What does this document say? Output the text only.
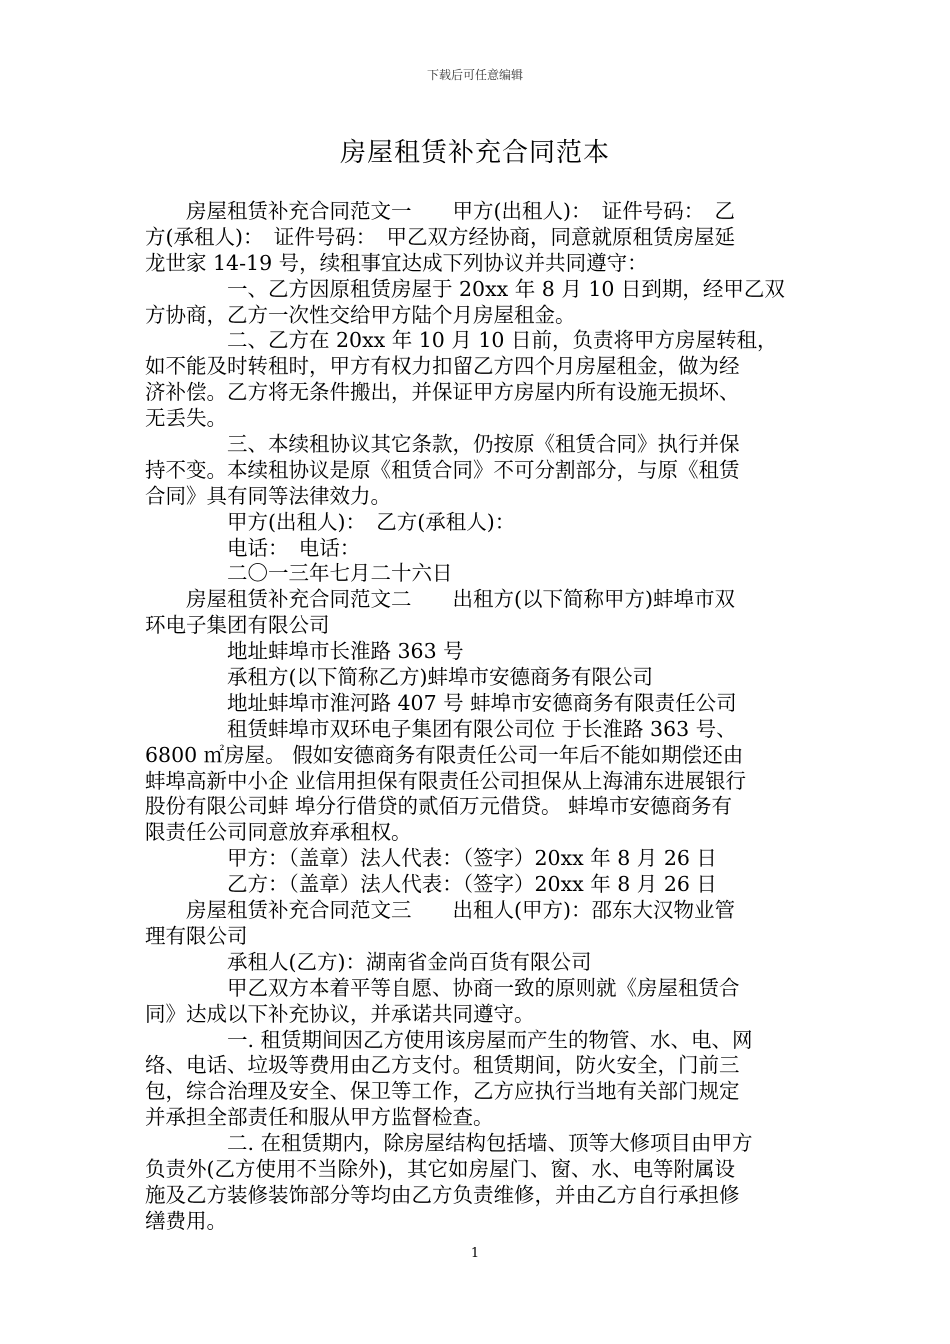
下载后可任意编辑
房屋租赁补充合同范本
　　房屋租赁补充合同范文一　　甲方(出租人)：　证件号码：　乙
方(承租人)：　证件号码：　甲乙双方经协商，同意就原租赁房屋延
龙世家 14-19 号，续租事宜达成下列协议并共同遵守：
　　　　一、乙方因原租赁房屋于 20xx 年 8 月 10 日到期，经甲乙双
方协商，乙方一次性交给甲方陆个月房屋租金。
　　　　二、乙方在 20xx 年 10 月 10 日前，负责将甲方房屋转租，
如不能及时转租时，甲方有权力扣留乙方四个月房屋租金，做为经
济补偿。乙方将无条件搬出，并保证甲方房屋内所有设施无损坏、
无丢失。
　　　　三、本续租协议其它条款，仍按原《租赁合同》执行并保
持不变。本续租协议是原《租赁合同》不可分割部分，与原《租赁
合同》具有同等法律效力。
　　　　甲方(出租人)：　乙方(承租人)：
　　　　电话：　电话：
　　　　二〇一三年七月二十六日
　　房屋租赁补充合同范文二　　出租方(以下简称甲方)蚌埠市双
环电子集团有限公司
　　　　地址蚌埠市长淮路 363 号
　　　　承租方(以下简称乙方)蚌埠市安德商务有限公司
　　　　地址蚌埠市淮河路 407 号 蚌埠市安德商务有限责任公司
　　　　租赁蚌埠市双环电子集团有限公司位 于长淮路 363 号、
6800 ㎡房屋。 假如安德商务有限责任公司一年后不能如期偿还由
蚌埠高新中小企 业信用担保有限责任公司担保从上海浦东进展银行
股份有限公司蚌 埠分行借贷的贰佰万元借贷。 蚌埠市安德商务有
限责任公司同意放弃承租权。
　　　　甲方：（盖章）法人代表：（签字）20xx 年 8 月 26 日
　　　　乙方：（盖章）法人代表：（签字）20xx 年 8 月 26 日
　　房屋租赁补充合同范文三　　出租人(甲方)：邵东大汉物业管
理有限公司
　　　　承租人(乙方)：湖南省金尚百货有限公司
　　　　甲乙双方本着平等自愿、协商一致的原则就《房屋租赁合
同》达成以下补充协议，并承诺共同遵守。
　　　　一. 租赁期间因乙方使用该房屋而产生的物管、水、电、网
络、电话、垃圾等费用由乙方支付。租赁期间，防火安全，门前三
包，综合治理及安全、保卫等工作，乙方应执行当地有关部门规定
并承担全部责任和服从甲方监督检查。
　　　　二. 在租赁期内，除房屋结构包括墙、顶等大修项目由甲方
负责外(乙方使用不当除外)，其它如房屋门、窗、水、电等附属设
施及乙方装修装饰部分等均由乙方负责维修，并由乙方自行承担修
缮费用。
1
